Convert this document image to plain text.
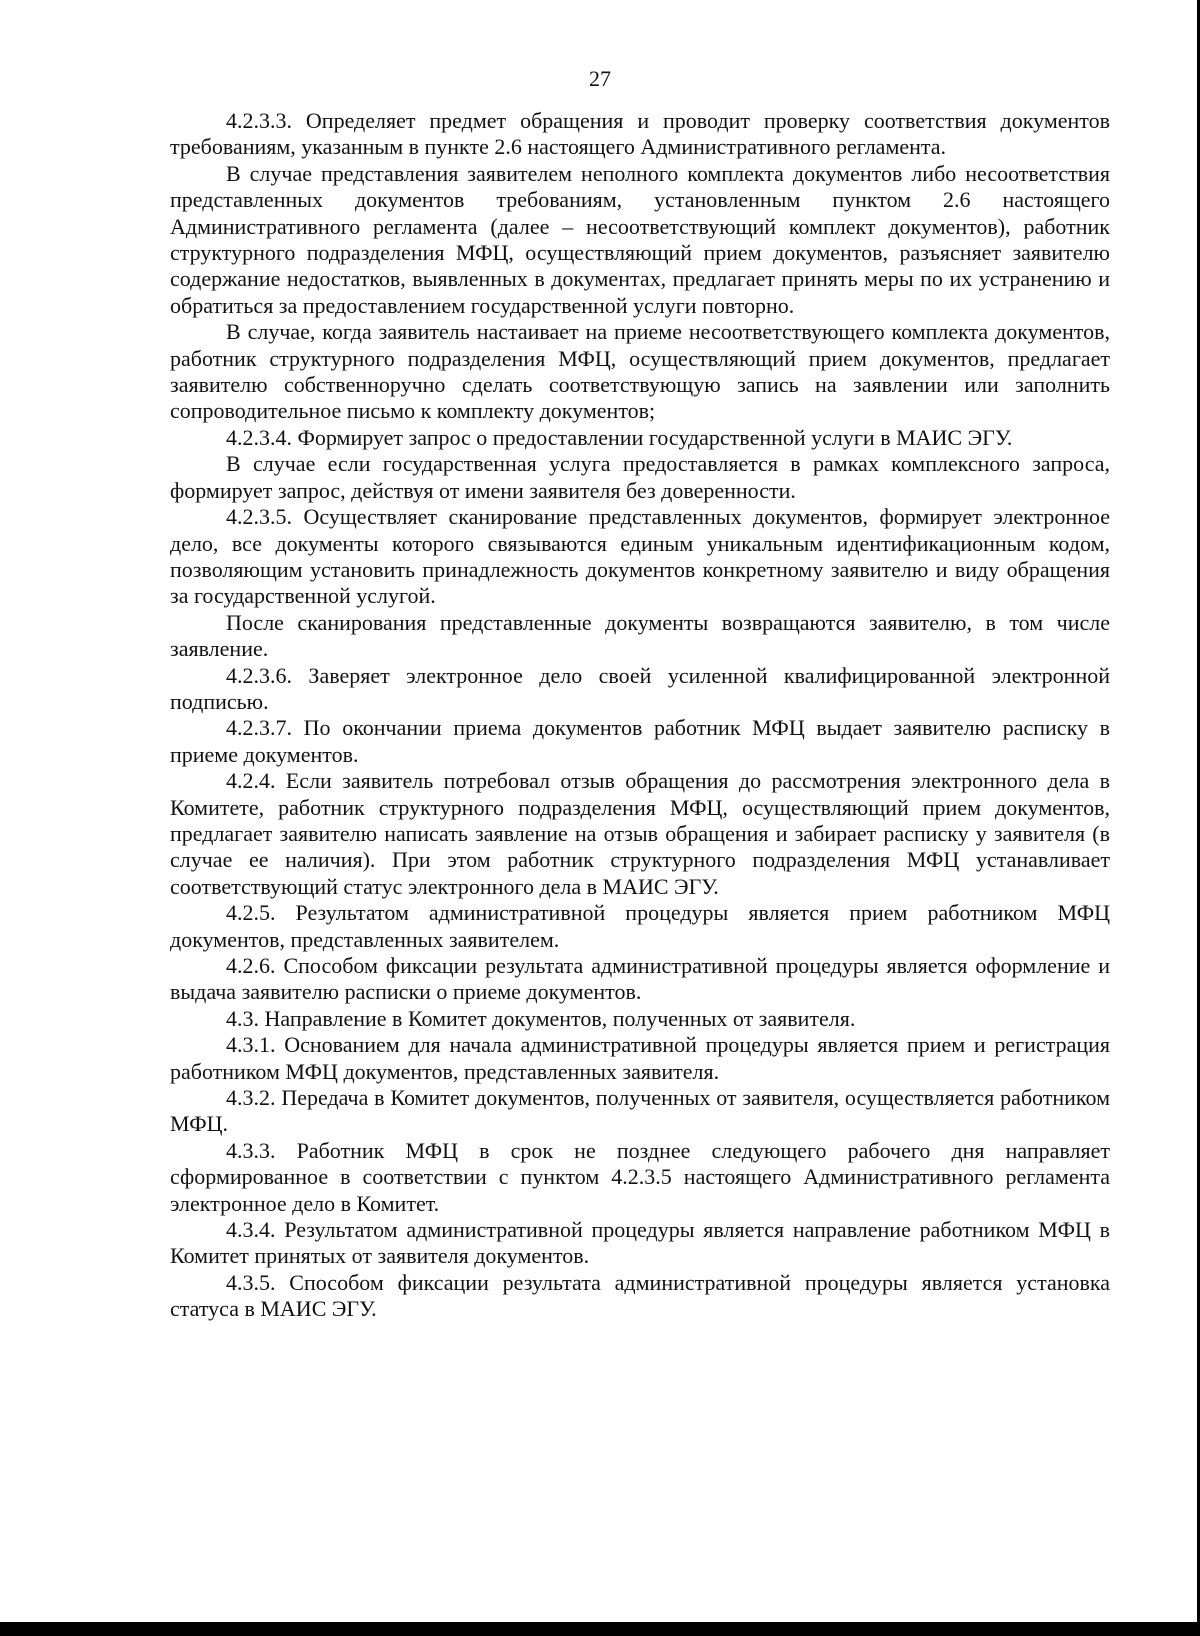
27

4.2.3.3. Определяет предмет обращения и проводит проверку соответствия документов требованиям, указанным в пункте 2.6 настоящего Административного регламента.

В случае представления заявителем неполного комплекта документов либо несоответствия представленных документов требованиям, установленным пунктом 2.6 настоящего Административного регламента (далее – несоответствующий комплект документов), работник структурного подразделения МФЦ, осуществляющий прием документов, разъясняет заявителю содержание недостатков, выявленных в документах, предлагает принять меры по их устранению и обратиться за предоставлением государственной услуги повторно.

В случае, когда заявитель настаивает на приеме несоответствующего комплекта документов, работник структурного подразделения МФЦ, осуществляющий прием документов, предлагает заявителю собственноручно сделать соответствующую запись на заявлении или заполнить сопроводительное письмо к комплекту документов;

4.2.3.4. Формирует запрос о предоставлении государственной услуги в МАИС ЭГУ.

В случае если государственная услуга предоставляется в рамках комплексного запроса, формирует запрос, действуя от имени заявителя без доверенности.

4.2.3.5. Осуществляет сканирование представленных документов, формирует электронное дело, все документы которого связываются единым уникальным идентификационным кодом, позволяющим установить принадлежность документов конкретному заявителю и виду обращения за государственной услугой.

После сканирования представленные документы возвращаются заявителю, в том числе заявление.

4.2.3.6. Заверяет электронное дело своей усиленной квалифицированной электронной подписью.

4.2.3.7. По окончании приема документов работник МФЦ выдает заявителю расписку в приеме документов.

4.2.4. Если заявитель потребовал отзыв обращения до рассмотрения электронного дела в Комитете, работник структурного подразделения МФЦ, осуществляющий прием документов, предлагает заявителю написать заявление на отзыв обращения и забирает расписку у заявителя (в случае ее наличия). При этом работник структурного подразделения МФЦ устанавливает соответствующий статус электронного дела в МАИС ЭГУ.

4.2.5. Результатом административной процедуры является прием работником МФЦ документов, представленных заявителем.

4.2.6. Способом фиксации результата административной процедуры является оформление и выдача заявителю расписки о приеме документов.

4.3. Направление в Комитет документов, полученных от заявителя.

4.3.1. Основанием для начала административной процедуры является прием и регистрация работником МФЦ документов, представленных заявителя.

4.3.2. Передача в Комитет документов, полученных от заявителя, осуществляется работником МФЦ.

4.3.3. Работник МФЦ в срок не позднее следующего рабочего дня направляет сформированное в соответствии с пунктом 4.2.3.5 настоящего Административного регламента электронное дело в Комитет.

4.3.4. Результатом административной процедуры является направление работником МФЦ в Комитет принятых от заявителя документов.

4.3.5. Способом фиксации результата административной процедуры является установка статуса в МАИС ЭГУ.
